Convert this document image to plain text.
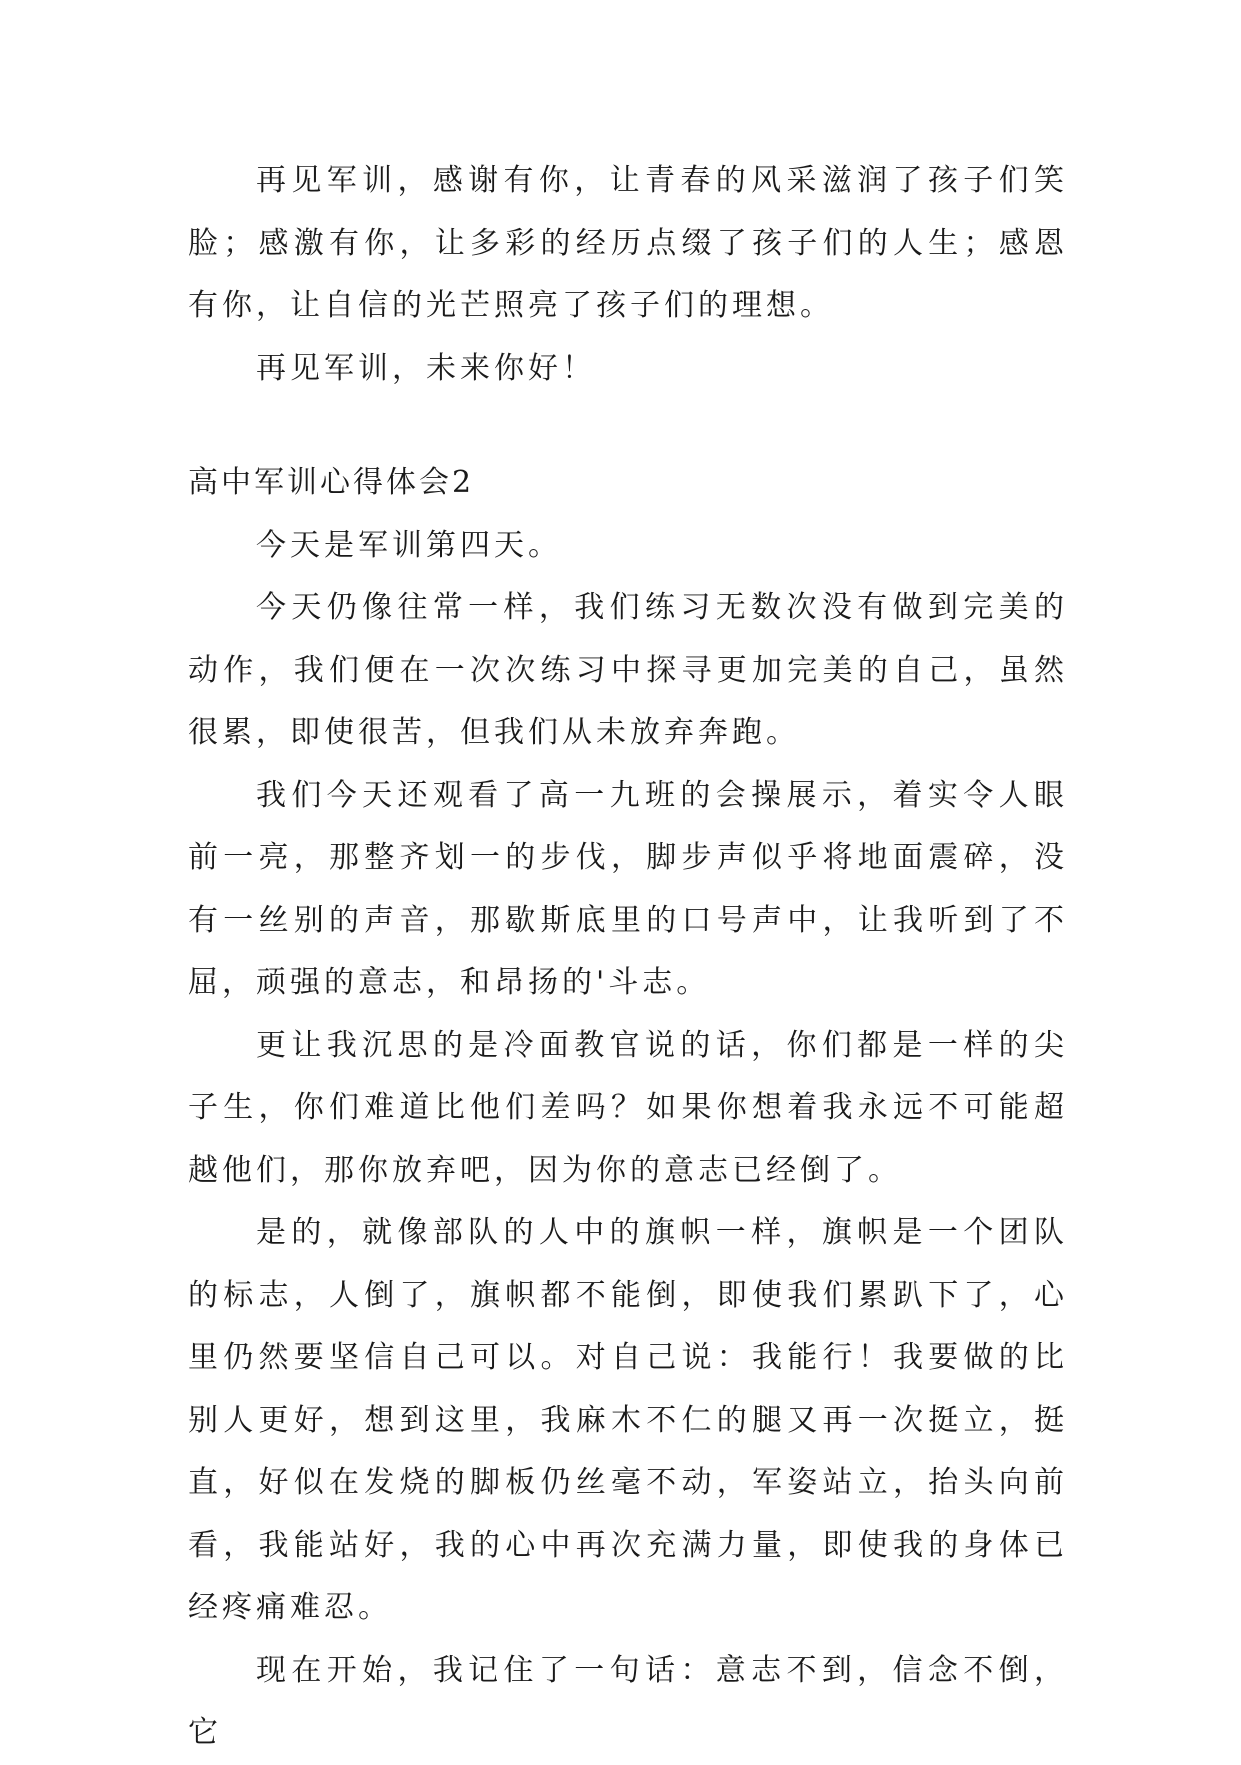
再见军训，感谢有你，让青春的风采滋润了孩子们笑脸；感激有你，让多彩的经历点缀了孩子们的人生；感恩有你，让自信的光芒照亮了孩子们的理想。

再见军训，未来你好！

高中军训心得体会2

今天是军训第四天。

今天仍像往常一样，我们练习无数次没有做到完美的动作，我们便在一次次练习中探寻更加完美的自己，虽然很累，即使很苦，但我们从未放弃奔跑。

我们今天还观看了高一九班的会操展示，着实令人眼前一亮，那整齐划一的步伐，脚步声似乎将地面震碎，没有一丝别的声音，那歇斯底里的口号声中，让我听到了不屈，顽强的意志，和昂扬的'斗志。

更让我沉思的是冷面教官说的话，你们都是一样的尖子生，你们难道比他们差吗？如果你想着我永远不可能超越他们，那你放弃吧，因为你的意志已经倒了。

是的，就像部队的人中的旗帜一样，旗帜是一个团队的标志，人倒了，旗帜都不能倒，即使我们累趴下了，心里仍然要坚信自己可以。对自己说：我能行！我要做的比别人更好，想到这里，我麻木不仁的腿又再一次挺立，挺直，好似在发烧的脚板仍丝毫不动，军姿站立，抬头向前看，我能站好，我的心中再次充满力量，即使我的身体已经疼痛难忍。

现在开始，我记住了一句话：意志不到，信念不倒，它
